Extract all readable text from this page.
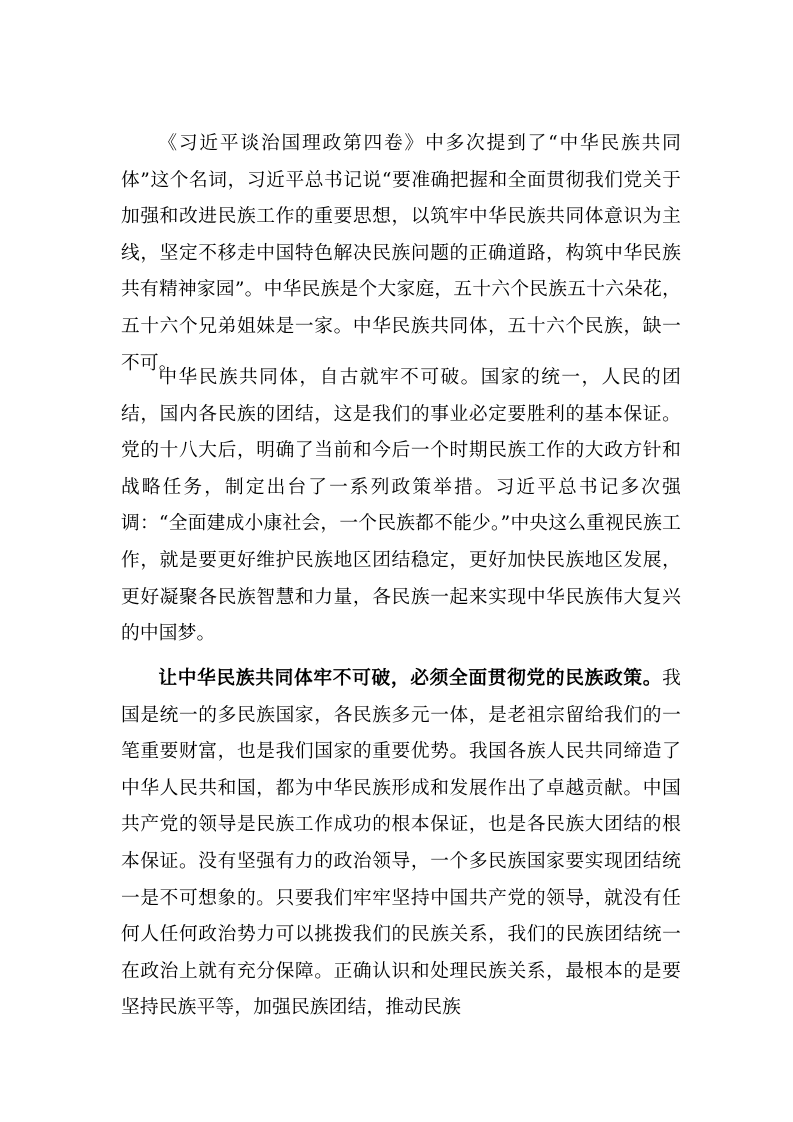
《习近平谈治国理政第四卷》中多次提到了“中华民族共同体”这个名词，习近平总书记说“要准确把握和全面贯彻我们党关于加强和改进民族工作的重要思想，以筑牢中华民族共同体意识为主线，坚定不移走中国特色解决民族问题的正确道路，构筑中华民族共有精神家园”。中华民族是个大家庭，五十六个民族五十六朵花，五十六个兄弟姐妹是一家。中华民族共同体，五十六个民族，缺一不可。

中华民族共同体，自古就牢不可破。国家的统一，人民的团结，国内各民族的团结，这是我们的事业必定要胜利的基本保证。党的十八大后，明确了当前和今后一个时期民族工作的大政方针和战略任务，制定出台了一系列政策举措。习近平总书记多次强调：“全面建成小康社会，一个民族都不能少。”中央这么重视民族工作，就是要更好维护民族地区团结稳定，更好加快民族地区发展，更好凝聚各民族智慧和力量，各民族一起来实现中华民族伟大复兴的中国梦。

让中华民族共同体牢不可破，必须全面贯彻党的民族政策。我国是统一的多民族国家，各民族多元一体，是老祖宗留给我们的一笔重要财富，也是我们国家的重要优势。我国各族人民共同缔造了中华人民共和国，都为中华民族形成和发展作出了卓越贡献。中国共产党的领导是民族工作成功的根本保证，也是各民族大团结的根本保证。没有坚强有力的政治领导，一个多民族国家要实现团结统一是不可想象的。只要我们牢牢坚持中国共产党的领导，就没有任何人任何政治势力可以挑拨我们的民族关系，我们的民族团结统一在政治上就有充分保障。正确认识和处理民族关系，最根本的是要坚持民族平等，加强民族团结，推动民族
